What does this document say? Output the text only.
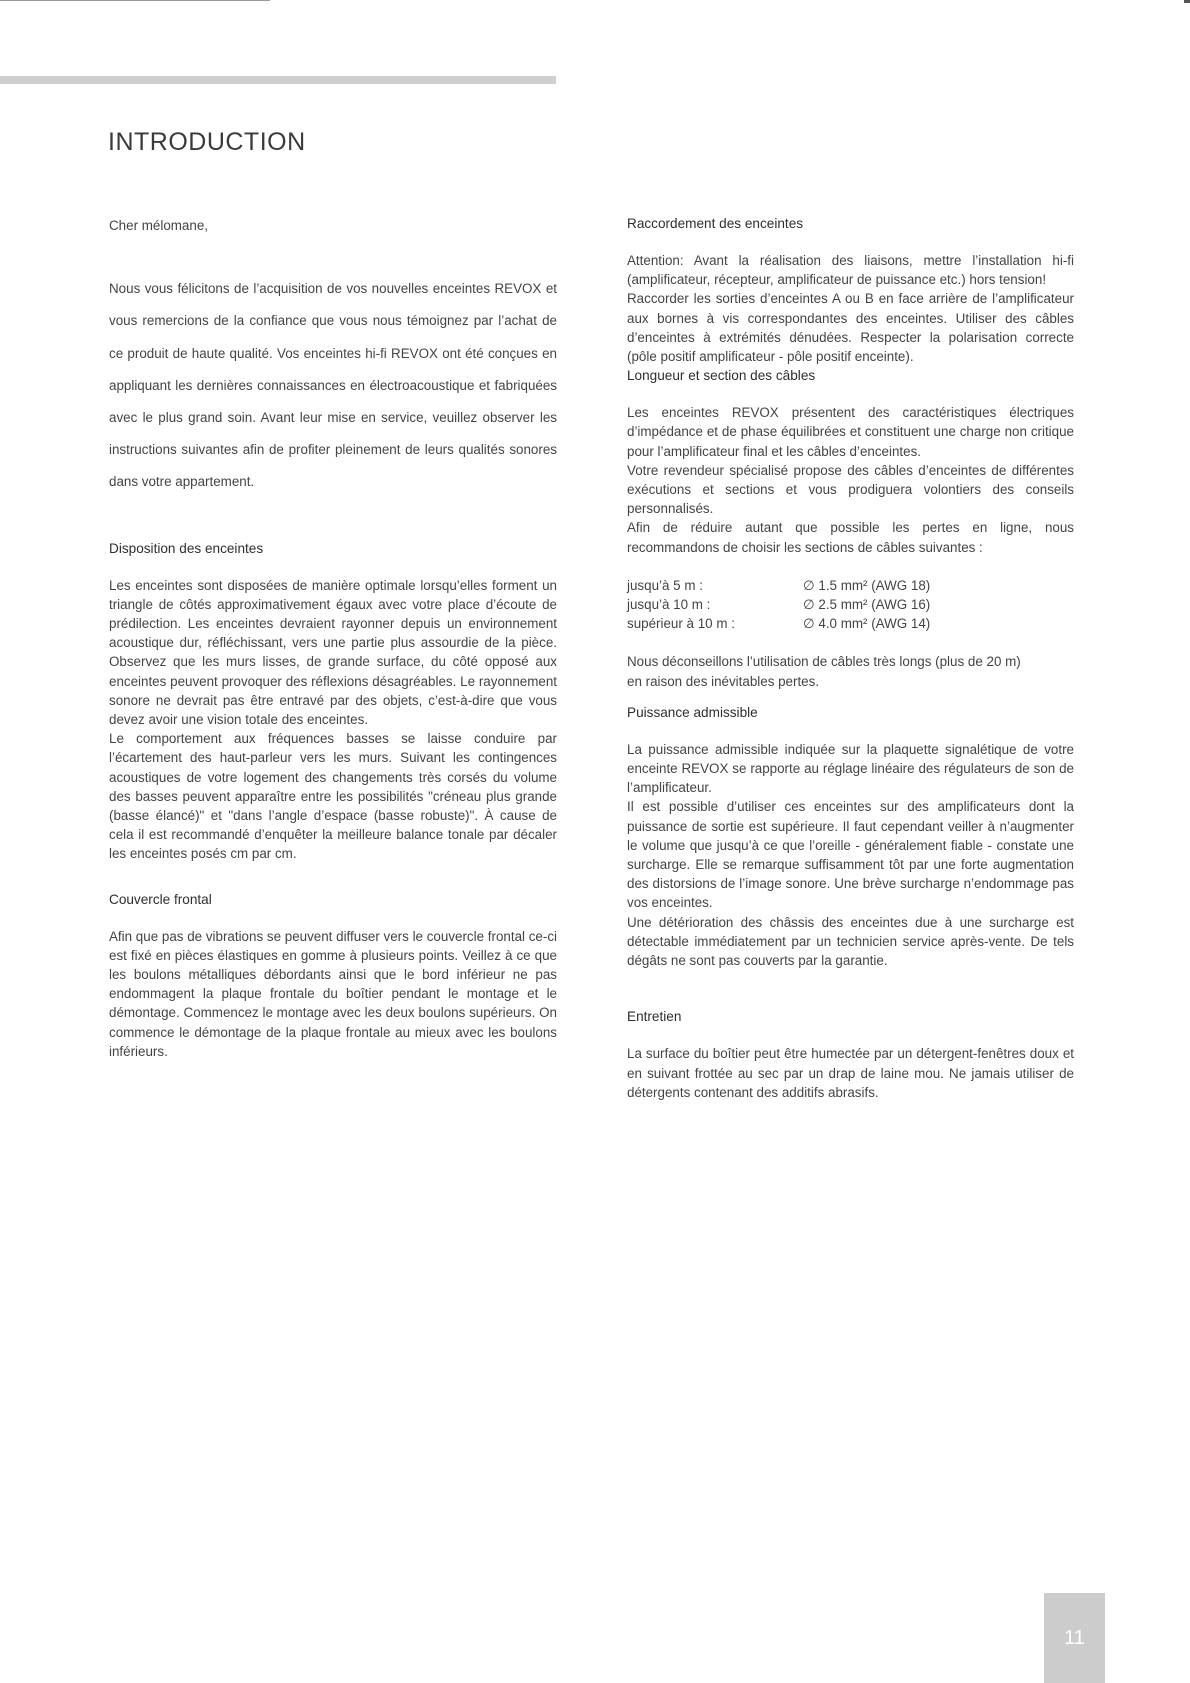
INTRODUCTION

Cher mélomane,

Nous vous félicitons de l’acquisition de vos nouvelles enceintes REVOX et vous remercions de la confiance que vous nous témoignez par l’achat de ce produit de haute qualité. Vos enceintes hi-fi REVOX ont été conçues en appliquant les dernières connaissances en électroacoustique et fabriquées avec le plus grand soin. Avant leur mise en service, veuillez observer les instructions suivantes afin de profiter pleinement de leurs qualités sonores dans votre appartement.

Disposition des enceintes

Les enceintes sont disposées de manière optimale lorsqu’elles forment un triangle de côtés approximativement égaux avec votre place d’écoute de prédilection. Les enceintes devraient rayonner depuis un environnement acoustique dur, réfléchissant, vers une partie plus assourdie de la pièce. Observez que les murs lisses, de grande surface, du côté opposé aux enceintes peuvent provoquer des réflexions désagréables. Le rayonnement sonore ne devrait pas être entravé par des objets, c’est-à-dire que vous devez avoir une vision totale des enceintes.

Le comportement aux fréquences basses se laisse conduire par l’écartement des haut-parleur vers les murs. Suivant les contingences acoustiques de votre logement des changements très corsés du volume des basses peuvent apparaître entre les possibilités "créneau plus grande (basse élancé)" et "dans l’angle d’espace (basse robuste)". À cause de cela il est recommandé d’enquêter la meilleure balance tonale par décaler les enceintes posés cm par cm.

Couvercle frontal

Afin que pas de vibrations se peuvent diffuser vers le couvercle frontal ce-ci est fixé en pièces élastiques en gomme à plusieurs points. Veillez à ce que les boulons métalliques débordants ainsi que le bord inférieur ne pas endommagent la plaque frontale du boîtier pendant le montage et le démontage. Commencez le montage avec les deux boulons supérieurs. On commence le démontage de la plaque frontale au mieux avec les boulons inférieurs.

Raccordement des enceintes

Attention: Avant la réalisation des liaisons, mettre l’installation hi-fi (amplificateur, récepteur, amplificateur de puissance etc.) hors tension!

Raccorder les sorties d’enceintes A ou B en face arrière de l’amplificateur aux bornes à vis correspondantes des enceintes. Utiliser des câbles d’enceintes à extrémités dénudées. Respecter la polarisation correcte (pôle positif amplificateur - pôle positif enceinte).

Longueur et section des câbles

Les enceintes REVOX présentent des caractéristiques électriques d’impédance et de phase équilibrées et constituent une charge non critique pour l’amplificateur final et les câbles d’enceintes.

Votre revendeur spécialisé propose des câbles d’enceintes de différentes exécutions et sections et vous prodiguera volontiers des conseils personnalisés.

Afin de réduire autant que possible les pertes en ligne, nous recommandons de choisir les sections de câbles suivantes :

jusqu’à 5 m :	∅ 1.5 mm² (AWG 18)
jusqu’à 10 m :	∅ 2.5 mm² (AWG 16)
supérieur à 10 m :	∅ 4.0 mm² (AWG 14)

Nous déconseillons l’utilisation de câbles très longs (plus de 20 m) en raison des inévitables pertes.

Puissance admissible

La puissance admissible indiquée sur la plaquette signalétique de votre enceinte REVOX se rapporte au réglage linéaire des régulateurs de son de l’amplificateur.

Il est possible d’utiliser ces enceintes sur des amplificateurs dont la puissance de sortie est supérieure. Il faut cependant veiller à n’augmenter le volume que jusqu’à ce que l’oreille - généralement fiable - constate une surcharge. Elle se remarque suffisamment tôt par une forte augmentation des distorsions de l’image sonore. Une brève surcharge n’endommage pas vos enceintes.

Une détérioration des châssis des enceintes due à une surcharge est détectable immédiatement par un technicien service après-vente. De tels dégâts ne sont pas couverts par la garantie.

Entretien

La surface du boîtier peut être humectée par un détergent-fenêtres doux et en suivant frottée au sec par un drap de laine mou. Ne jamais utiliser de détergents contenant des additifs abrasifs.

11
